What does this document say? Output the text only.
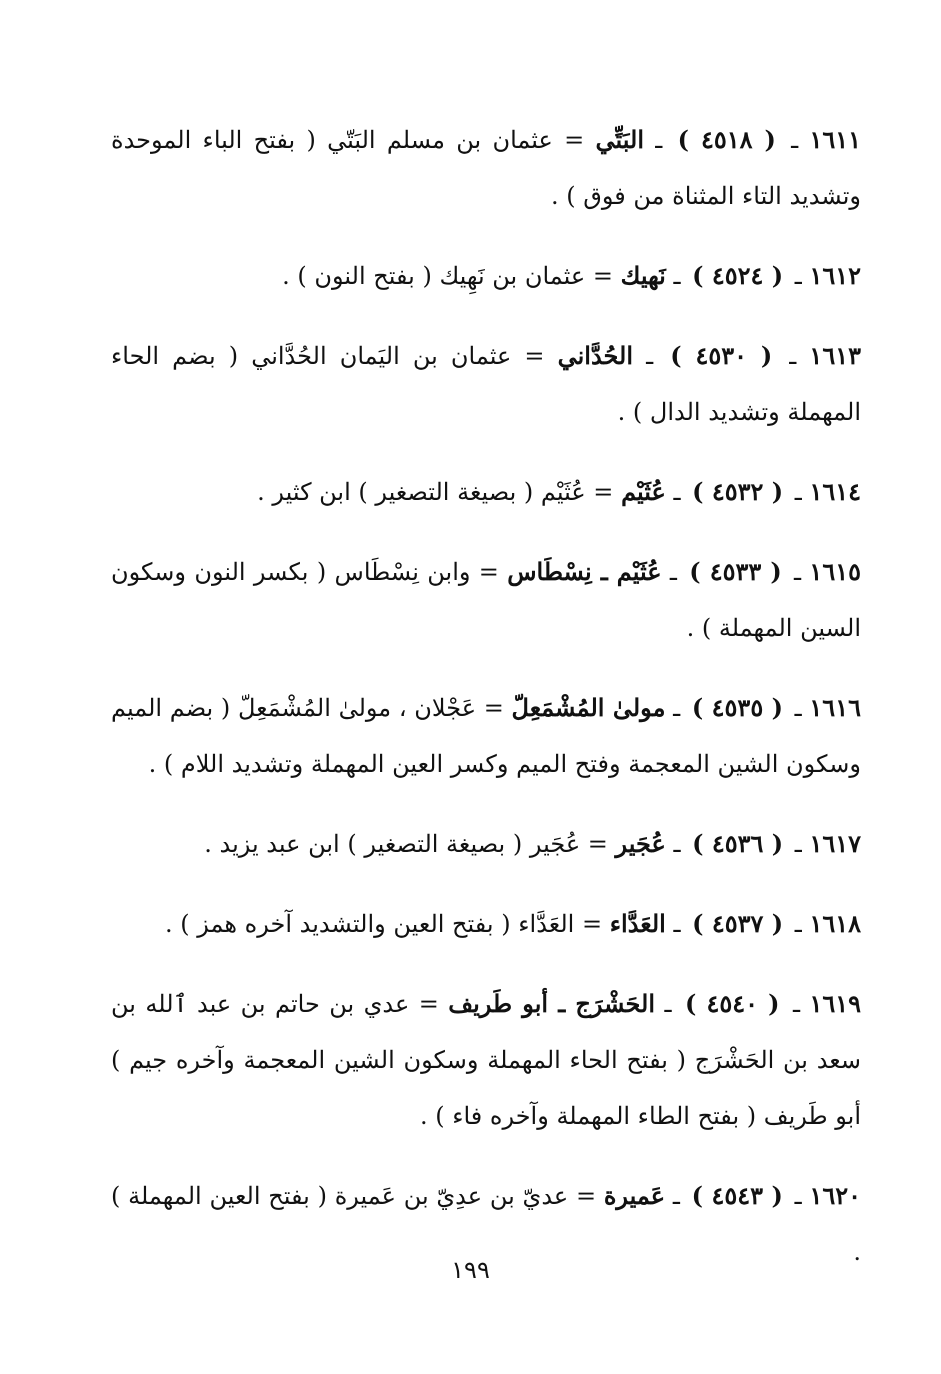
١٦١١ ـ ( ٤٥١٨ ) ـ البَتِّي = عثمان بن مسلم البَتّي ( بفتح الباء الموحدة وتشديد التاء المثناة من فوق ) .

١٦١٢ ـ ( ٤٥٢٤ ) ـ نَهيك = عثمان بن نَهِيك ( بفتح النون ) .

١٦١٣ ـ ( ٤٥٣٠ ) ـ الحُدَّاني = عثمان بن اليَمان الحُدَّاني ( بضم الحاء المهملة وتشديد الدال ) .

١٦١٤ ـ ( ٤٥٣٢ ) ـ عُثَيْم = عُثَيْم ( بصيغة التصغير ) ابن كثير .

١٦١٥ ـ ( ٤٥٣٣ ) ـ عُثَيْم ـ نِسْطَاس = وابن نِسْطَاس ( بكسر النون وسكون السين المهملة ) .

١٦١٦ ـ ( ٤٥٣٥ ) ـ مولىٰ المُشْمَعِلّ = عَجْلان ، مولىٰ المُشْمَعِلّ ( بضم الميم وسكون الشين المعجمة وفتح الميم وكسر العين المهملة وتشديد اللام ) .

١٦١٧ ـ ( ٤٥٣٦ ) ـ عُجَير = عُجَير ( بصيغة التصغير ) ابن عبد يزيد .

١٦١٨ ـ ( ٤٥٣٧ ) ـ العَدَّاء = العَدَّاء ( بفتح العين والتشديد آخره همز ) .

١٦١٩ ـ ( ٤٥٤٠ ) ـ الحَشْرَج ـ أبو طَريف = عدي بن حاتم بن عبد ٱلله بن سعد بن الحَشْرَج ( بفتح الحاء المهملة وسكون الشين المعجمة وآخره جيم ) أبو طَريف ( بفتح الطاء المهملة وآخره فاء ) .

١٦٢٠ ـ ( ٤٥٤٣ ) ـ عَميرة = عديّ بن عدِيّ بن عَميرة ( بفتح العين المهملة ) .

١٩٩
